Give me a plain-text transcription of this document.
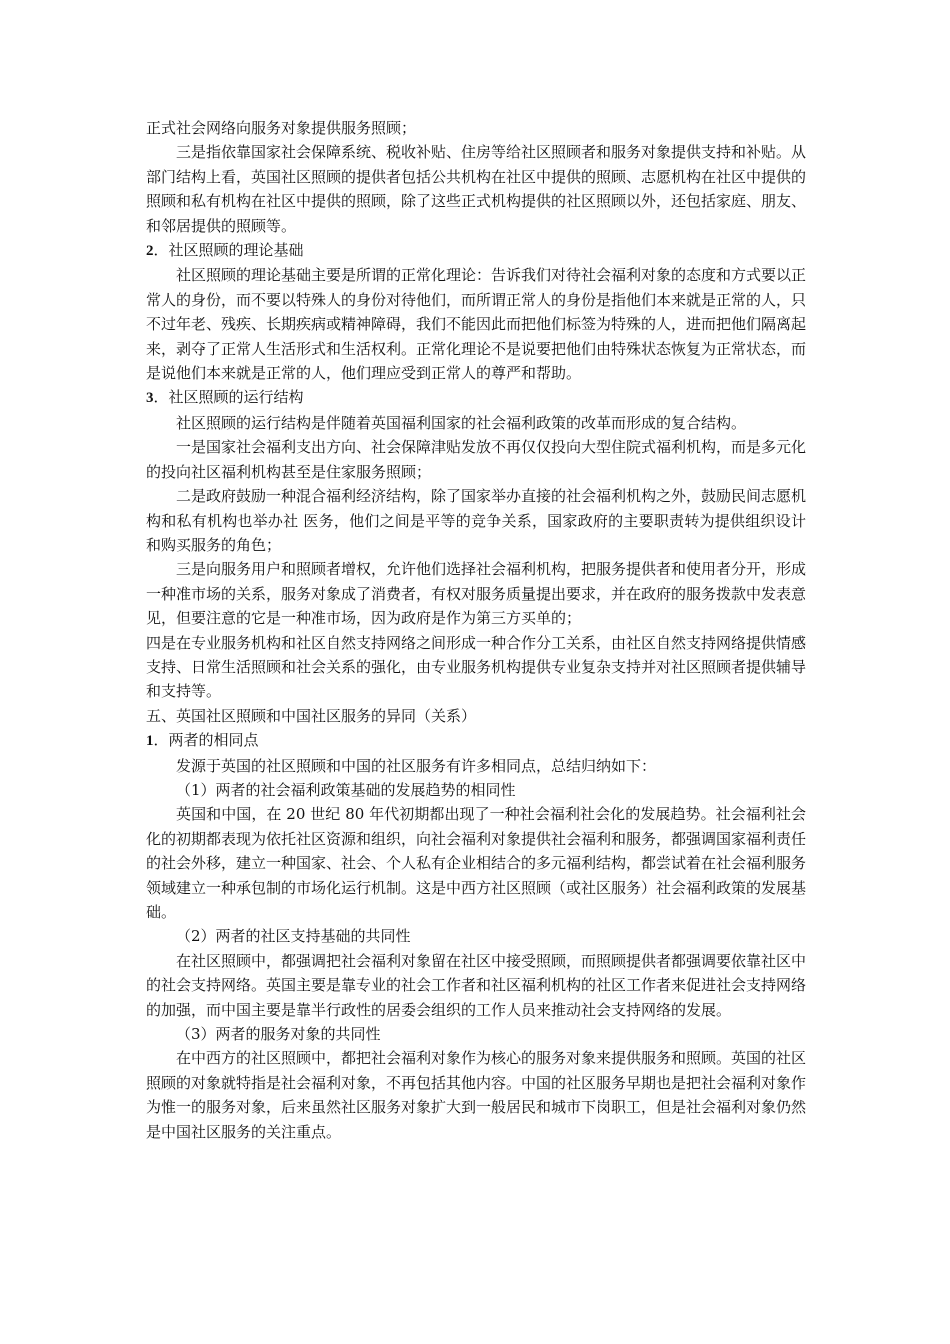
正式社会网络向服务对象提供服务照顾；

三是指依靠国家社会保障系统、税收补贴、住房等给社区照顾者和服务对象提供支持和补贴。从部门结构上看，英国社区照顾的提供者包括公共机构在社区中提供的照顾、志愿机构在社区中提供的照顾和私有机构在社区中提供的照顾，除了这些正式机构提供的社区照顾以外，还包括家庭、朋友、和邻居提供的照顾等。

2．社区照顾的理论基础

社区照顾的理论基础主要是所谓的正常化理论：告诉我们对待社会福利对象的态度和方式要以正常人的身份，而不要以特殊人的身份对待他们，而所谓正常人的身份是指他们本来就是正常的人，只不过年老、残疾、长期疾病或精神障碍，我们不能因此而把他们标签为特殊的人，进而把他们隔离起来，剥夺了正常人生活形式和生活权利。正常化理论不是说要把他们由特殊状态恢复为正常状态，而是说他们本来就是正常的人，他们理应受到正常人的尊严和帮助。

3．社区照顾的运行结构

社区照顾的运行结构是伴随着英国福利国家的社会福利政策的改革而形成的复合结构。

一是国家社会福利支出方向、社会保障津贴发放不再仅仅投向大型住院式福利机构，而是多元化的投向社区福利机构甚至是住家服务照顾；

二是政府鼓励一种混合福利经济结构，除了国家举办直接的社会福利机构之外，鼓励民间志愿机构和私有机构也举办社 医务，他们之间是平等的竞争关系，国家政府的主要职责转为提供组织设计和购买服务的角色；

三是向服务用户和照顾者增权，允许他们选择社会福利机构，把服务提供者和使用者分开，形成一种准市场的关系，服务对象成了消费者，有权对服务质量提出要求，并在政府的服务拨款中发表意见，但要注意的它是一种准市场，因为政府是作为第三方买单的；

四是在专业服务机构和社区自然支持网络之间形成一种合作分工关系，由社区自然支持网络提供情感支持、日常生活照顾和社会关系的强化，由专业服务机构提供专业复杂支持并对社区照顾者提供辅导和支持等。

五、英国社区照顾和中国社区服务的异同（关系）

1．两者的相同点

发源于英国的社区照顾和中国的社区服务有许多相同点，总结归纳如下：

（1）两者的社会福利政策基础的发展趋势的相同性

英国和中国，在 20 世纪 80 年代初期都出现了一种社会福利社会化的发展趋势。社会福利社会化的初期都表现为依托社区资源和组织，向社会福利对象提供社会福利和服务，都强调国家福利责任的社会外移，建立一种国家、社会、个人私有企业相结合的多元福利结构，都尝试着在社会福利服务领域建立一种承包制的市场化运行机制。这是中西方社区照顾（或社区服务）社会福利政策的发展基础。

（2）两者的社区支持基础的共同性

在社区照顾中，都强调把社会福利对象留在社区中接受照顾，而照顾提供者都强调要依靠社区中的社会支持网络。英国主要是靠专业的社会工作者和社区福利机构的社区工作者来促进社会支持网络的加强，而中国主要是靠半行政性的居委会组织的工作人员来推动社会支持网络的发展。

（3）两者的服务对象的共同性

在中西方的社区照顾中，都把社会福利对象作为核心的服务对象来提供服务和照顾。英国的社区照顾的对象就特指是社会福利对象，不再包括其他内容。中国的社区服务早期也是把社会福利对象作为惟一的服务对象，后来虽然社区服务对象扩大到一般居民和城市下岗职工，但是社会福利对象仍然是中国社区服务的关注重点。
